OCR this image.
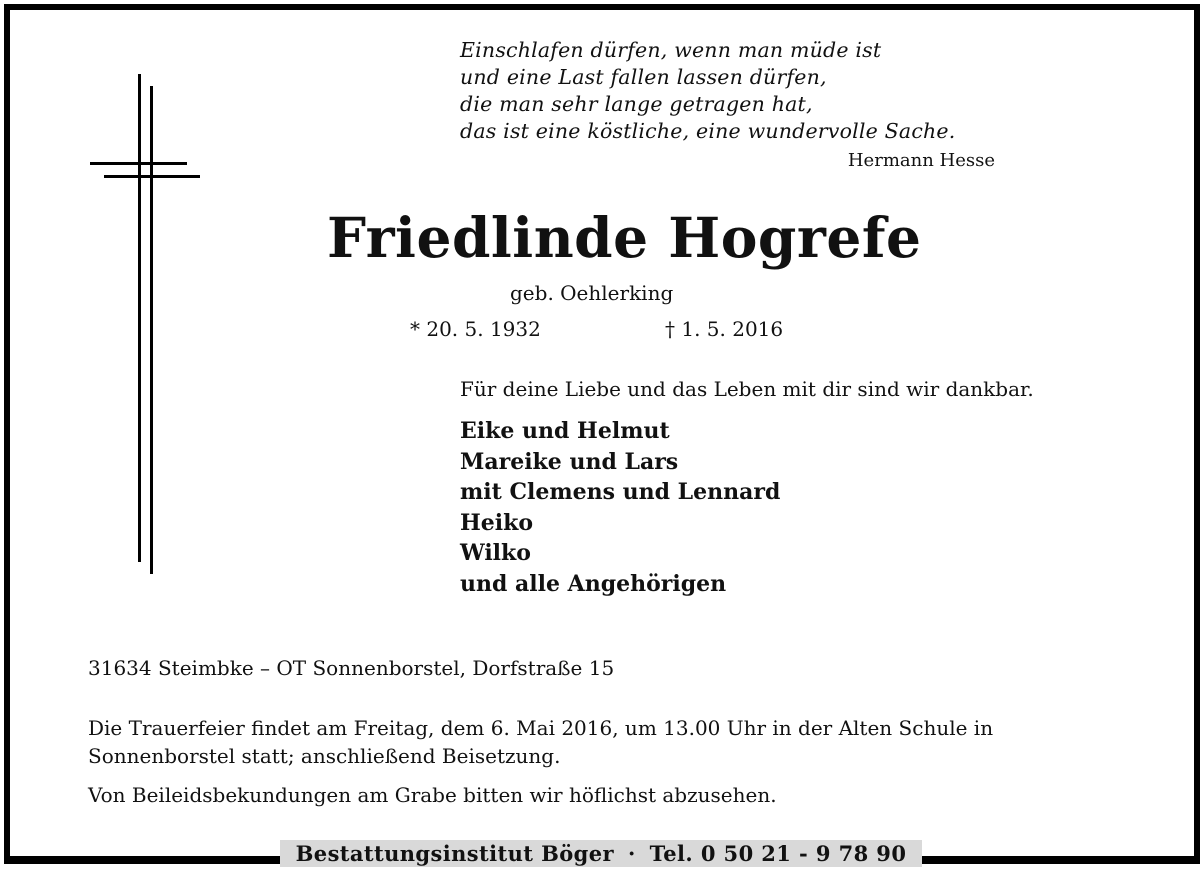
Einschlafen dürfen, wenn man müde ist
und eine Last fallen lassen dürfen,
die man sehr lange getragen hat,
das ist eine köstliche, eine wundervolle Sache.
Hermann Hesse
Friedlinde Hogrefe
geb. Oehlerking
* 20. 5. 1932	† 1. 5. 2016
Für deine Liebe und das Leben mit dir sind wir dankbar.
Eike und Helmut
Mareike und Lars
mit Clemens und Lennard
Heiko
Wilko
und alle Angehörigen
31634 Steimbke – OT Sonnenborstel, Dorfstraße 15
Die Trauerfeier findet am Freitag, dem 6. Mai 2016, um 13.00 Uhr in der Alten Schule in
Sonnenborstel statt; anschließend Beisetzung.
Von Beileidsbekundungen am Grabe bitten wir höflichst abzusehen.
Bestattungsinstitut Böger · Tel. 0 50 21 - 9 78 90
